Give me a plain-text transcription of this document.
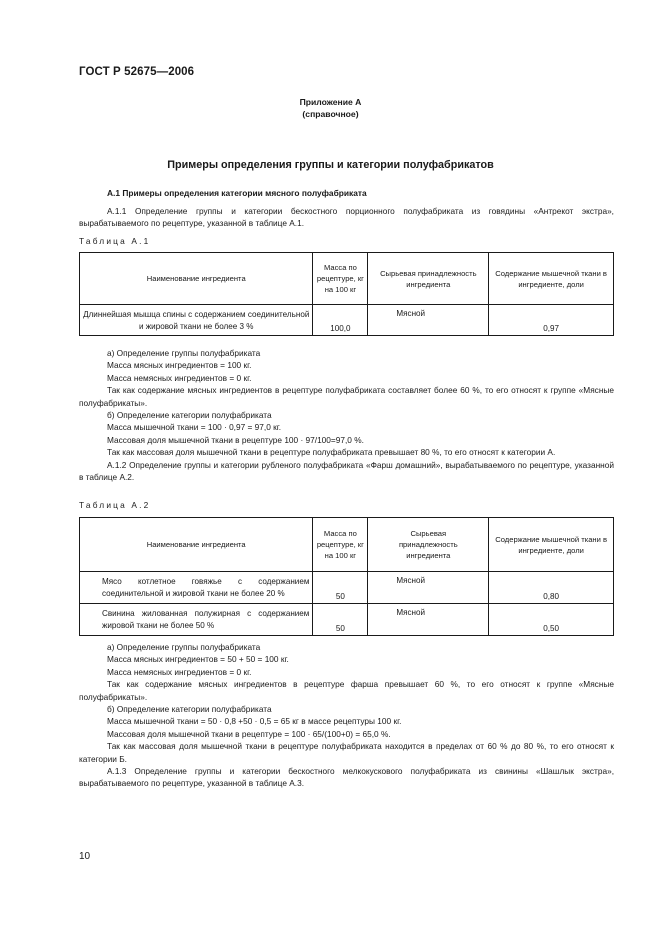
ГОСТ Р 52675—2006
Приложение А
(справочное)
Примеры определения группы и категории полуфабрикатов
А.1 Примеры определения категории мясного полуфабриката

А.1.1 Определение группы и категории бескостного порционного полуфабриката из говядины «Антрекот экстра», вырабатываемого по рецептуре, указанной в таблице А.1.

Таблица А.1
Наименование ингредиента	Масса по рецептуре, кг на 100 кг	Сырьевая принадлежность ингредиента	Содержание мышечной ткани в ингредиенте, доли
Длиннейшая мышца спины с содержанием соединительной и жировой ткани не более 3 %	100,0	Мясной	0,97

а) Определение группы полуфабриката

Масса мясных ингредиентов = 100 кг.

Масса немясных ингредиентов = 0 кг.

Так как содержание мясных ингредиентов в рецептуре полуфабриката составляет более 60 %, то его относят к группе «Мясные полуфабрикаты».

б) Определение категории полуфабриката

Масса мышечной ткани = 100 · 0,97 = 97,0 кг.

Массовая доля мышечной ткани в рецептуре 100 · 97/100=97,0 %.

Так как массовая доля мышечной ткани в рецептуре полуфабриката превышает 80 %, то его относят к категории А.

А.1.2 Определение группы и категории рубленого полуфабриката «Фарш домашний», вырабатываемого по рецептуре, указанной в таблице А.2.

Таблица А.2
Наименование ингредиента	Масса по рецептуре, кг на 100 кг	Сырьевая принадлежность ингредиента	Содержание мышечной ткани в ингредиенте, доли
Мясо котлетное говяжье с содержанием соединительной и жировой ткани не более 20 %	50	Мясной	0,80
Свинина жилованная полужирная с содержанием жировой ткани не более 50 %	50	Мясной	0,50

а) Определение группы полуфабриката

Масса мясных ингредиентов = 50 + 50 = 100 кг.

Масса немясных ингредиентов = 0 кг.

Так как содержание мясных ингредиентов в рецептуре фарша превышает 60 %, то его относят к группе «Мясные полуфабрикаты».

б) Определение категории полуфабриката

Масса мышечной ткани = 50 · 0,8 +50 · 0,5 = 65 кг в массе рецептуры 100 кг.

Массовая доля мышечной ткани в рецептуре = 100 · 65/(100+0) = 65,0 %.

Так как массовая доля мышечной ткани в рецептуре полуфабриката находится в пределах от 60 % до 80 %, то его относят к категории Б.

А.1.3 Определение группы и категории бескостного мелкокускового полуфабриката из свинины «Шашлык экстра», вырабатываемого по рецептуре, указанной в таблице А.3.

10
